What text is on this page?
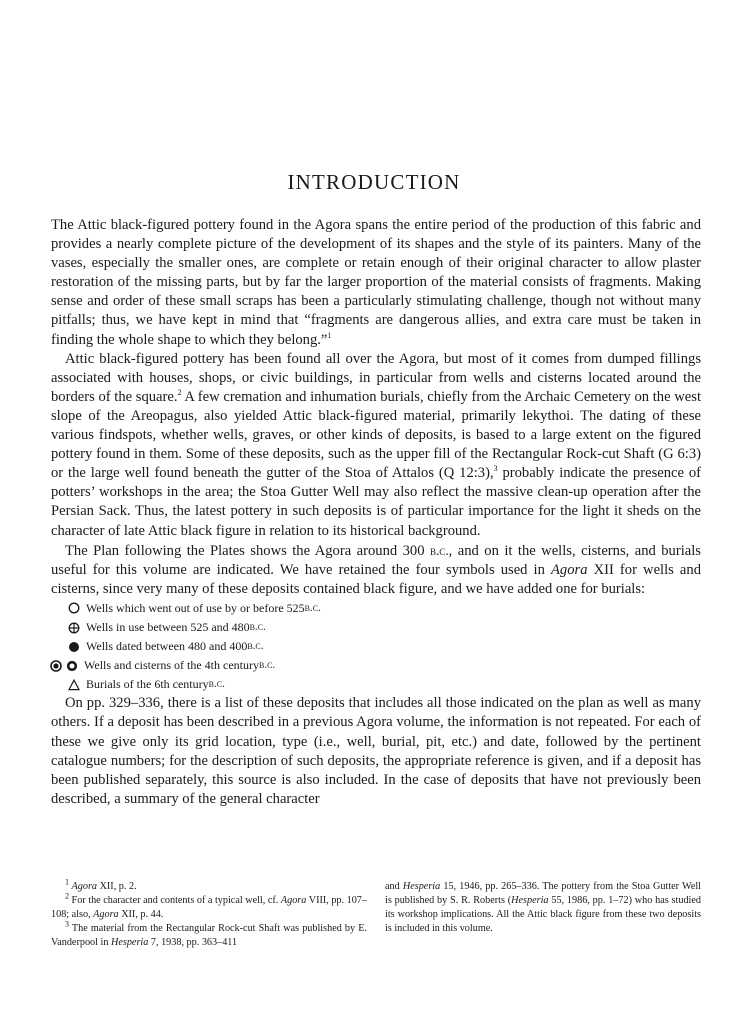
INTRODUCTION

The Attic black-figured pottery found in the Agora spans the entire period of the production of this fabric and provides a nearly complete picture of the development of its shapes and the style of its painters. Many of the vases, especially the smaller ones, are complete or retain enough of their original character to allow plaster restoration of the missing parts, but by far the larger proportion of the material consists of fragments. Making sense and order of these small scraps has been a particularly stimulating challenge, though not without many pitfalls; thus, we have kept in mind that “fragments are dangerous allies, and extra care must be taken in finding the whole shape to which they belong.”$^1$

Attic black-figured pottery has been found all over the Agora, but most of it comes from dumped fillings associated with houses, shops, or civic buildings, in particular from wells and cisterns located around the borders of the square.$^2$ A few cremation and inhumation burials, chiefly from the Archaic Cemetery on the west slope of the Areopagus, also yielded Attic black-figured material, primarily lekythoi. The dating of these various findspots, whether wells, graves, or other kinds of deposits, is based to a large extent on the figured pottery found in them. Some of these deposits, such as the upper fill of the Rectangular Rock-cut Shaft (G 6:3) or the large well found beneath the gutter of the Stoa of Attalos (Q 12:3),$^3$ probably indicate the presence of potters’ workshops in the area; the Stoa Gutter Well may also reflect the massive clean-up operation after the Persian Sack. Thus, the latest pottery in such deposits is of particular importance for the light it sheds on the character of late Attic black figure in relation to its historical background.

The Plan following the Plates shows the Agora around 300 b.c., and on it the wells, cisterns, and burials useful for this volume are indicated. We have retained the four symbols used in Agora XII for wells and cisterns, since very many of these deposits contained black figure, and we have added one for burials:

Wells which went out of use by or before 525 b.c.
Wells in use between 525 and 480 b.c.
Wells dated between 480 and 400 b.c.
Wells and cisterns of the 4th century b.c.
Burials of the 6th century b.c.

On pp. 329–336, there is a list of these deposits that includes all those indicated on the plan as well as many others. If a deposit has been described in a previous Agora volume, the information is not repeated. For each of these we give only its grid location, type (i.e., well, burial, pit, etc.) and date, followed by the pertinent catalogue numbers; for the description of such deposits, the appropriate reference is given, and if a deposit has been published separately, this source is also included. In the case of deposits that have not previously been described, a summary of the general character

$^1$ Agora XII, p. 2.

$^2$ For the character and contents of a typical well, cf. Agora VIII, pp. 107–108; also, Agora XII, p. 44.

$^3$ The material from the Rectangular Rock-cut Shaft was published by E. Vanderpool in Hesperia 7, 1938, pp. 363–411

and Hesperia 15, 1946, pp. 265–336. The pottery from the Stoa Gutter Well is published by S. R. Roberts (Hesperia 55, 1986, pp. 1–72) who has studied its workshop implications. All the Attic black figure from these two deposits is included in this volume.
